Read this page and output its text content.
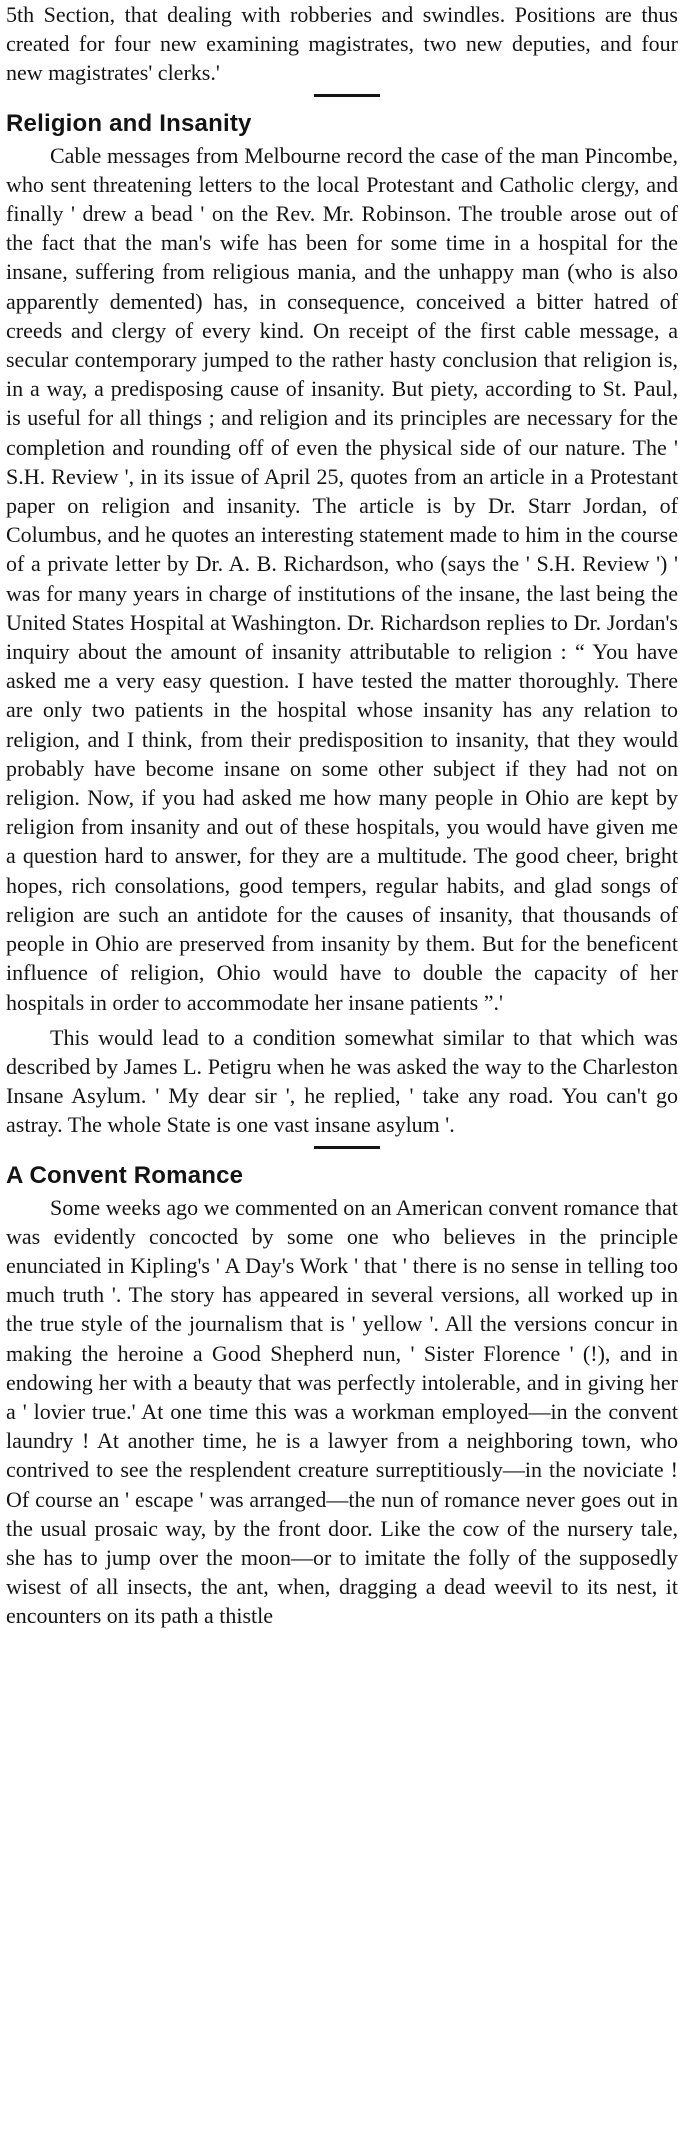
5th Section, that dealing with robberies and swindles. Positions are thus created for four new examining magistrates, two new deputies, and four new magistrates' clerks.'

Religion and Insanity

Cable messages from Melbourne record the case of the man Pincombe, who sent threatening letters to the local Protestant and Catholic clergy, and finally ' drew a bead ' on the Rev. Mr. Robinson. The trouble arose out of the fact that the man's wife has been for some time in a hospital for the insane, suffering from religious mania, and the unhappy man (who is also apparently demented) has, in consequence, conceived a bitter hatred of creeds and clergy of every kind. On receipt of the first cable message, a secular contemporary jumped to the rather hasty conclusion that religion is, in a way, a predisposing cause of insanity. But piety, according to St. Paul, is useful for all things ; and religion and its principles are necessary for the completion and rounding off of even the physical side of our nature. The ' S.H. Review ', in its issue of April 25, quotes from an article in a Protestant paper on religion and insanity. The article is by Dr. Starr Jordan, of Columbus, and he quotes an interesting statement made to him in the course of a private letter by Dr. A. B. Richardson, who (says the ' S.H. Review ') ' was for many years in charge of institutions of the insane, the last being the United States Hospital at Washington. Dr. Richardson replies to Dr. Jordan's inquiry about the amount of insanity attributable to religion : “ You have asked me a very easy question. I have tested the matter thoroughly. There are only two patients in the hospital whose insanity has any relation to religion, and I think, from their predisposition to insanity, that they would probably have become insane on some other subject if they had not on religion. Now, if you had asked me how many people in Ohio are kept by religion from insanity and out of these hospitals, you would have given me a question hard to answer, for they are a multitude. The good cheer, bright hopes, rich consolations, good tempers, regular habits, and glad songs of religion are such an antidote for the causes of insanity, that thousands of people in Ohio are preserved from insanity by them. But for the beneficent influence of religion, Ohio would have to double the capacity of her hospitals in order to accommodate her insane patients ”.'

This would lead to a condition somewhat similar to that which was described by James L. Petigru when he was asked the way to the Charleston Insane Asylum. ' My dear sir ', he replied, ' take any road. You can't go astray. The whole State is one vast insane asylum '.

A Convent Romance

Some weeks ago we commented on an American convent romance that was evidently concocted by some one who believes in the principle enunciated in Kipling's ' A Day's Work ' that ' there is no sense in telling too much truth '. The story has appeared in several versions, all worked up in the true style of the journalism that is ' yellow '. All the versions concur in making the heroine a Good Shepherd nun, ' Sister Florence ' (!), and in endowing her with a beauty that was perfectly intolerable, and in giving her a ' lovier true.' At one time this was a workman employed—in the convent laundry ! At another time, he is a lawyer from a neighboring town, who contrived to see the resplendent creature surreptitiously—in the noviciate ! Of course an ' escape ' was arranged—the nun of romance never goes out in the usual prosaic way, by the front door. Like the cow of the nursery tale, she has to jump over the moon—or to imitate the folly of the supposedly wisest of all insects, the ant, when, dragging a dead weevil to its nest, it encounters on its path a thistle
